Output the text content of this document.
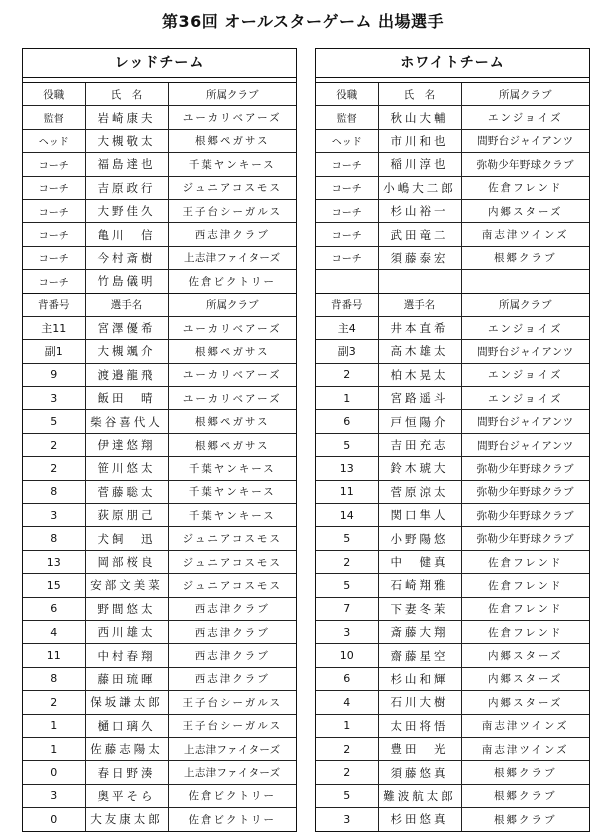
第36回 オールスターゲーム 出場選手
レッドチーム
役職	氏　名	所属クラブ
監督	岩崎康夫	ユーカリベアーズ
ヘッド	大槻敬太	根郷ペガサス
コーチ	福島達也	千葉ヤンキース
コーチ	吉原政行	ジュニアコスモス
コーチ	大野佳久	王子台シーガルス
コーチ	亀川　信	西志津クラブ
コーチ	今村斎樹	上志津ファイターズ
コーチ	竹島儀明	佐倉ビクトリー
背番号	選手名	所属クラブ
主11	宮澤優希	ユーカリベアーズ
副1	大槻颯介	根郷ペガサス
9	渡邉龍飛	ユーカリベアーズ
3	飯田　晴	ユーカリベアーズ
5	柴谷喜代人	根郷ペガサス
2	伊達悠翔	根郷ペガサス
2	笹川悠太	千葉ヤンキース
8	菅藤聡太	千葉ヤンキース
3	荻原朋己	千葉ヤンキース
8	犬飼　迅	ジュニアコスモス
13	岡部桜良	ジュニアコスモス
15	安部文美菜	ジュニアコスモス
6	野間悠太	西志津クラブ
4	西川雄太	西志津クラブ
11	中村春翔	西志津クラブ
8	藤田琉暉	西志津クラブ
2	保坂謙太郎	王子台シーガルス
1	樋口璃久	王子台シーガルス
1	佐藤志陽太	上志津ファイターズ
0	春日野湊	上志津ファイターズ
3	奥平そら	佐倉ビクトリー
0	大友康太郎	佐倉ビクトリー
ホワイトチーム
役職	氏　名	所属クラブ
監督	秋山大輔	エンジョイズ
ヘッド	市川和也	間野台ジャイアンツ
コーチ	稲川淳也	弥勒少年野球クラブ
コーチ	小嶋大二郎	佐倉フレンド
コーチ	杉山裕一	内郷スターズ
コーチ	武田竜二	南志津ツインズ
コーチ	須藤泰宏	根郷クラブ

背番号	選手名	所属クラブ
主4	井本直希	エンジョイズ
副3	高木雄太	間野台ジャイアンツ
2	柏木晃太	エンジョイズ
1	宮路遥斗	エンジョイズ
6	戸恒陽介	間野台ジャイアンツ
5	吉田充志	間野台ジャイアンツ
13	鈴木琥大	弥勒少年野球クラブ
11	菅原涼太	弥勒少年野球クラブ
14	関口隼人	弥勒少年野球クラブ
5	小野陽悠	弥勒少年野球クラブ
2	中　健真	佐倉フレンド
5	石崎翔雅	佐倉フレンド
7	下妻冬茉	佐倉フレンド
3	斎藤大翔	佐倉フレンド
10	齋藤星空	内郷スターズ
6	杉山和輝	内郷スターズ
4	石川大樹	内郷スターズ
1	太田将悟	南志津ツインズ
2	豊田　光	南志津ツインズ
2	須藤悠真	根郷クラブ
5	難波航太郎	根郷クラブ
3	杉田悠真	根郷クラブ
